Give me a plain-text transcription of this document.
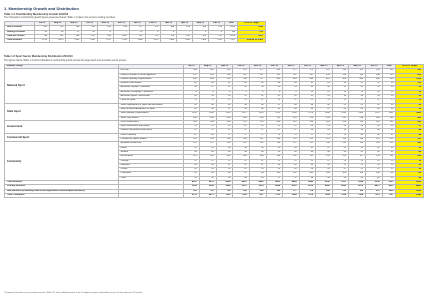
1. Membership Growth and Distribution
Table 1.1 Total Monthly Membership Growth 2012/13
The Champions membership growth figures presented below (Table 1.1) takes into account existing members.
	Jul-12	Aug-12	Sep-12	Oct-12	Nov-12	Dec-12	Jan-13	Feb-13	Mar-13	Apr-13	May-13	Jun-13	Total	2012/13 Target
New President	100	110	106	136	204	149	177	174	188	133	165	213	1855	1855
Rolling President	16	28	21	26	8	7	21	5	6	7	3	8	156	212
Total Net Growth	116	141	186	142	186	1652	187	179	120	160	200	151	2010	2011
Total Members	6716	6873	7003	7168	7157	7310	7498	7679	7806	7958	7968	7979	7327	9140 at 30 June
Table 1.2 Sport Sector Membership Distribution 2012/13
The figures below (Table 1.2) show Champions membership growth across the target sport and recreation sector groups.
Member Group		Jul-12	Aug-12	Sep-12	Oct-12	Nov-12	Dec-12	Jan-13	Feb-13	Mar-13	Apr-13	May-13	Jun-13	Total	2012/13 Target
National Sport	NSO/NIT*	168	162	163	176	177	156	171	175	181	190	192	191	195	220
	Games Providers & Sector Agencies**	147	143	146	147	147	147	147	147	149	150	155	158	162	209
	National Sporting Organisations*	446	468	476	748	771	863	883	894	851	969	889	949	994	1026
	National Peak Bodies*	65	68	82	83	85	88	90	92	93	94	97	97	99	100
	Australian Olympic Committee*	26	27	27	28	28	29	29	30	30	31	32	31	34	35
	Australian Paralympic Committee*	8	8	8	9	9	9	9	10	10	10	11	10	12	12
	Australian Sports Commission*	28	28	29	31	31	31	32	32	33	34	34	34	35	35
	Office for Sport	11	11	11	11	11	11	11	11	11	12	12	12	12	12
State Sport	State Departments of Sport and Recreation*	42	44	45	46	46	47	48	49	50	51	51	52	53	55
	State Institutes/Academies of Sport*	56	56	57	58	58	59	59	60	61	63	63	64	66	70
	State Sporting Organisations*	1192	1196	1205	1212	1220	1222	1256	1270	1288	1296	1309	1311	1331	1400
	State Peak Bodies*	196	199	204	206	209	215	218	224	228	231	236	240	240	240
Government	Local Government*	246	258	264	270	278	283	291	299	305	313	319	325	331	350
	State Government (non-sport)	21	21	22	22	22	22	22	23	23	23	24	24	25	27
	Federal Government (non-sport)	37	37	37	37	37	37	37	39	39	39	39	40	41	44
Commercial Sport	Fitness Industry	67	69	71	71	72	74	75	77	78	79	80	82	82	84
	Commercial Sports Bodies	102	103	104	105	107	108	111	112	114	116	119	121	121	123
Community	Academic/researcher	115	117	118	121	123	124	127	127	130	132	133	135	137	140
	Media	29	29	30	30	30	30	30	31	31	31	31	32	32	35
	Student	36	36	38	38	38	39	39	40	40	40	41	42	42	42
	Not-for-profit	141	143	143	146	148	149	150	152	154	155	157	158	161	165
	Lifestyle	12	12	12	12	12	12	12	12	12	13	13	13	13	15
	Individual	45	46	47	47	47	48	49	49	50	51	51	52	52	55
	Private	18	18	19	19	19	19	20	20	20	21	21	21	22	25
	Consultant	92	94	96	97	98	100	101	102	104	105	106	108	110	115
	Other	35	35	36	36	36	37	37	38	38	39	40	40	42	45
Total Members		4216	4278	4324	4610	4669	4803	4894	4942	5006	5151	5144	5259	5363	5616
Primary Members		3594	3624	3666	3931	3974	4098	4165	4212	4266	4395	4376	4472	4551	4800
New members (Excluding Stow Issue registration Forms/Exports/Sections)		100	110	106	136	204	149	177	174	188	133	165	213	1855	1855
Total Champions		6716	6873	7003	7168	7157	7310	7498	7679	7806	7958	7968	7979	7327	9140
*Champions found an error in previous months. While ToT have submitted errors in the Champions system and platform as part of their requests (17 entries).
